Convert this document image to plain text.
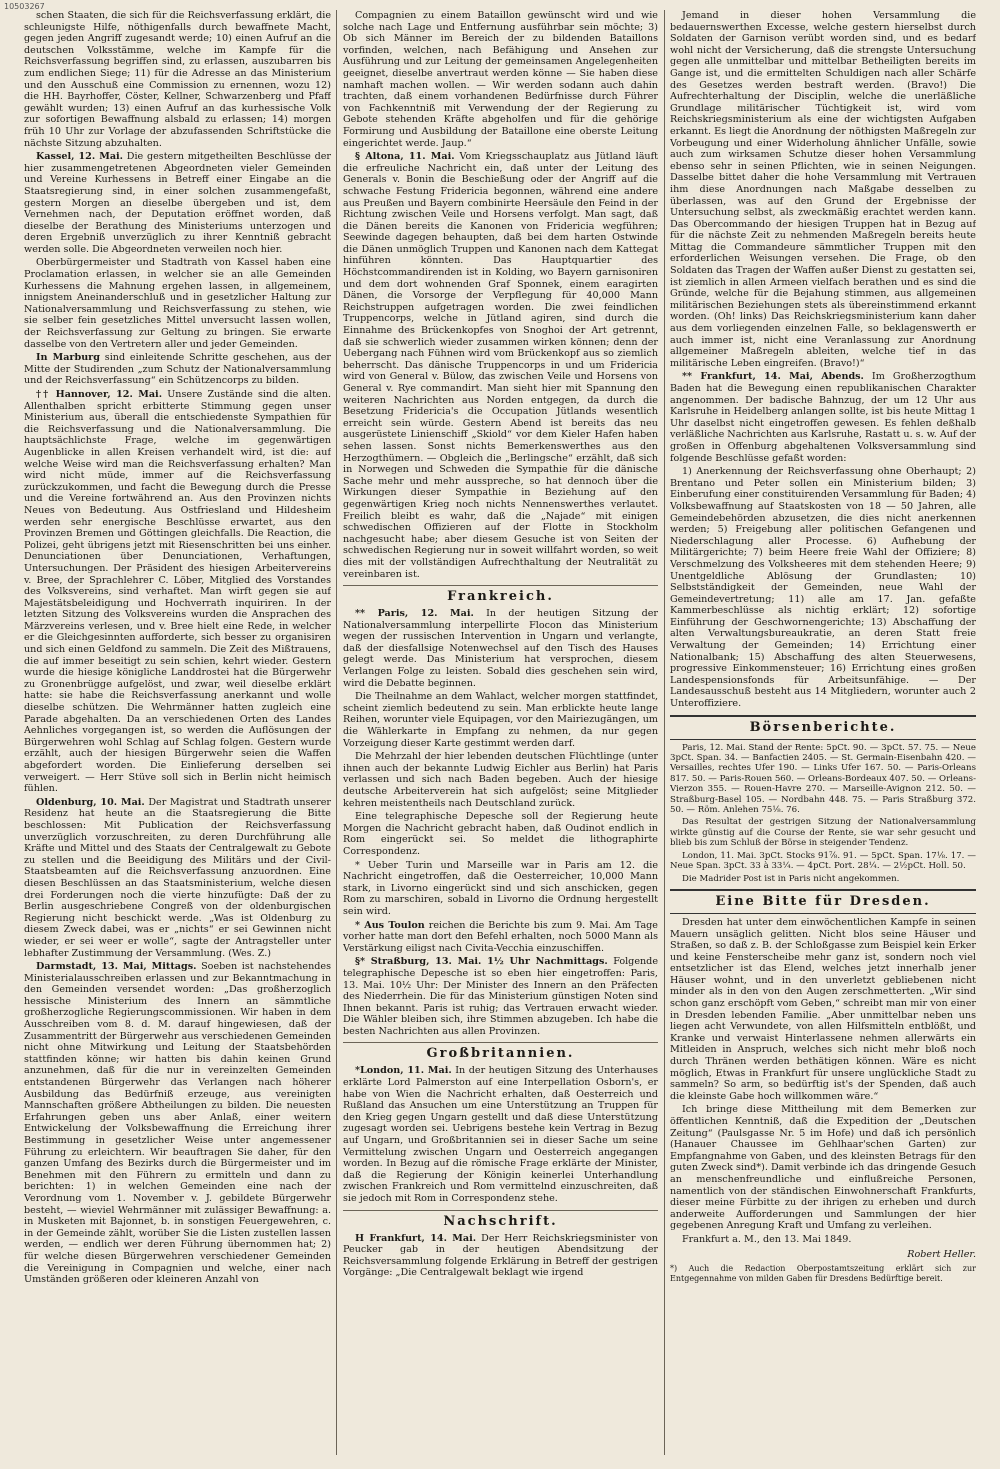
10503267

schen Staaten, die sich für die Reichsverfassung erklärt, die schleunigste Hilfe, nöthigenfalls durch bewaffnete Macht, gegen jeden Angriff zugesandt werde; 10) einen Aufruf an die deutschen Volksstämme, welche im Kampfe für die Reichsverfassung begriffen sind, zu erlassen, auszubarren bis zum endlichen Siege; 11) für die Adresse an das Ministerium und den Ausschuß eine Commission zu ernennen, wozu 12) die HH. Bayrhoffer, Cöster, Kellner, Schwarzenberg und Pfaff gewählt wurden; 13) einen Aufruf an das kurhessische Volk zur sofortigen Bewaffnung alsbald zu erlassen; 14) morgen früh 10 Uhr zur Vorlage der abzufassenden Schriftstücke die nächste Sitzung abzuhalten.

Kassel, 12. Mai. Die gestern mitgetheilten Beschlüsse der hier zusammengetretenen Abgeordneten vieler Gemeinden und Vereine Kurhessens in Betreff einer Eingabe an die Staatsregierung sind, in einer solchen zusammengefaßt, gestern Morgen an dieselbe übergeben und ist, dem Vernehmen nach, der Deputation eröffnet worden, daß dieselbe der Berathung des Ministeriums unterzogen und deren Ergebniß unverzüglich zu ihrer Kenntniß gebracht werden solle. Die Abgeordneten verweilen noch hier.

Oberbürgermeister und Stadtrath von Kassel haben eine Proclamation erlassen, in welcher sie an alle Gemeinden Kurhessens die Mahnung ergehen lassen, in allgemeinem, innigstem Aneinanderschluß und in gesetzlicher Haltung zur Nationalversammlung und Reichsverfassung zu stehen, wie sie selber fein gesetzliches Mittel unversucht lassen wollen, der Reichsverfassung zur Geltung zu bringen. Sie erwarte dasselbe von den Vertretern aller und jeder Gemeinden.

In Marburg sind einleitende Schritte geschehen, aus der Mitte der Studirenden „zum Schutz der Nationalversammlung und der Reichsverfassung“ ein Schützencorps zu bilden.

†† Hannover, 12. Mai. Unsere Zustände sind die alten. Allenthalben spricht erbitterte Stimmung gegen unser Ministerium aus, überall die entschiedenste Sympathien für die Reichsverfassung und die Nationalversammlung. Die hauptsächlichste Frage, welche im gegenwärtigen Augenblicke in allen Kreisen verhandelt wird, ist die: auf welche Weise wird man die Reichsverfassung erhalten? Man wird nicht müde, immer auf die Reichsverfassung zurückzukommen, und facht die Bewegung durch die Presse und die Vereine fortwährend an. Aus den Provinzen nichts Neues von Bedeutung. Aus Ostfriesland und Hildesheim werden sehr energische Beschlüsse erwartet, aus den Provinzen Bremen und Göttingen gleichfalls. Die Reaction, die Polizei, geht übrigens jetzt mit Riesenschritten bei uns einher. Denunciationen über Denunciationen, Verhaftungen, Untersuchungen. Der Präsident des hiesigen Arbeitervereins v. Bree, der Sprachlehrer C. Löber, Mitglied des Vorstandes des Volksvereins, sind verhaftet. Man wirft gegen sie auf Majestätsbeleidigung und Hochverrath inquiriren. In der letzten Sitzung des Volksvereins wurden die Ansprachen des Märzvereins verlesen, und v. Bree hielt eine Rede, in welcher er die Gleichgesinnten aufforderte, sich besser zu organisiren und sich einen Geldfond zu sammeln. Die Zeit des Mißtrauens, die auf immer beseitigt zu sein schien, kehrt wieder. Gestern wurde die hiesige königliche Landdrostei hat die Bürgerwehr zu Gronenbrügge aufgelöst, und zwar, weil dieselbe erklärt hatte: sie habe die Reichsverfassung anerkannt und wolle dieselbe schützen. Die Wehrmänner hatten zugleich eine Parade abgehalten. Da an verschiedenen Orten des Landes Aehnliches vorgegangen ist, so werden die Auflösungen der Bürgerwehren wohl Schlag auf Schlag folgen. Gestern wurde erzählt, auch der hiesigen Bürgerwehr seien die Waffen abgefordert worden. Die Einlieferung derselben sei verweigert. — Herr Stüve soll sich in Berlin nicht heimisch fühlen.

Oldenburg, 10. Mai. Der Magistrat und Stadtrath unserer Residenz hat heute an die Staatsregierung die Bitte beschlossen: Mit Publication der Reichsverfassung unverzüglich vorzuschreiten, zu deren Durchführung alle Kräfte und Mittel und des Staats der Centralgewalt zu Gebote zu stellen und die Beeidigung des Militärs und der Civil-Staatsbeamten auf die Reichsverfassung anzuordnen. Eine diesen Beschlüssen an das Staatsministerium, welche diesen drei Forderungen noch die vierte hinzufügte: Daß der zu Berlin ausgeschriebene Congreß von der oldenburgischen Regierung nicht beschickt werde. „Was ist Oldenburg zu diesem Zweck dabei, was er „nichts“ er sei Gewinnen nicht wieder, er sei weer er wolle“, sagte der Antragsteller unter lebhafter Zustimmung der Versammlung. (Wes. Z.)

Darmstadt, 13. Mai, Mittags. Soeben ist nachstehendes Ministerialausschreiben erlassen und zur Bekanntmachung in den Gemeinden versendet worden: „Das großherzoglich hessische Ministerium des Innern an sämmtliche großherzogliche Regierungscommissionen. Wir haben in dem Ausschreiben vom 8. d. M. darauf hingewiesen, daß der Zusammentritt der Bürgerwehr aus verschiedenen Gemeinden nicht ohne Mitwirkung und Leitung der Staatsbehörden stattfinden könne; wir hatten bis dahin keinen Grund anzunehmen, daß für die nur in vereinzelten Gemeinden entstandenen Bürgerwehr das Verlangen nach höherer Ausbildung das Bedürfniß erzeuge, aus vereinigten Mannschaften größere Abtheilungen zu bilden. Die neuesten Erfahrungen geben uns aber Anlaß, einer weitern Entwickelung der Volksbewaffnung die Erreichung ihrer Bestimmung in gesetzlicher Weise unter angemessener Führung zu erleichtern. Wir beauftragen Sie daher, für den ganzen Umfang des Bezirks durch die Bürgermeister und im Benehmen mit den Führern zu ermitteln und dann zu berichten: 1) in welchen Gemeinden eine nach der Verordnung vom 1. November v. J. gebildete Bürgerwehr besteht, — wieviel Wehrmänner mit zulässiger Bewaffnung: a. in Musketen mit Bajonnet, b. in sonstigen Feuergewehren, c. in der Gemeinde zählt, worüber Sie die Listen zustellen lassen werden, — endlich wer deren Führung übernommen hat; 2) für welche diesen Bürgerwehren verschiedener Gemeinden die Vereinigung in Compagnien und welche, einer nach Umständen größeren oder kleineren Anzahl von

Compagnien zu einem Bataillon gewünscht wird und wie solche nach Lage und Entfernung ausführbar sein möchte; 3) Ob sich Männer im Bereich der zu bildenden Bataillons vorfinden, welchen, nach Befähigung und Ansehen zur Ausführung und zur Leitung der gemeinsamen Angelegenheiten geeignet, dieselbe anvertraut werden könne — Sie haben diese namhaft machen wollen. — Wir werden sodann auch dahin trachten, daß einem vorhandenen Bedürfnisse durch Führer von Fachkenntniß mit Verwendung der der Regierung zu Gebote stehenden Kräfte abgeholfen und für die gehörige Formirung und Ausbildung der Bataillone eine oberste Leitung eingerichtet werde. Jaup.“

§ Altona, 11. Mai. Vom Kriegsschauplatz aus Jütland läuft die erfreuliche Nachricht ein, daß unter der Leitung des Generals v. Bonin die Beschießung oder der Angriff auf die schwache Festung Fridericia begonnen, während eine andere aus Preußen und Bayern combinirte Heersäule den Feind in der Richtung zwischen Veile und Horsens verfolgt. Man sagt, daß die Dänen bereits die Kanonen von Fridericia wegführen; Seewinde dagegen behaupten, daß bei dem harten Ostwinde die Dänen unmöglich Truppen und Kanonen nach dem Kattegat hinführen könnten. Das Hauptquartier des Höchstcommandirenden ist in Kolding, wo Bayern garnisoniren und dem dort wohnenden Graf Sponnek, einem earagirten Dänen, die Vorsorge der Verpflegung für 40,000 Mann Reichstruppen aufgetragen worden. Die zwei feindlichen Truppencorps, welche in Jütland agiren, sind durch die Einnahme des Brückenkopfes von Snoghoi der Art getrennt, daß sie schwerlich wieder zusammen wirken können; denn der Uebergang nach Fühnen wird vom Brückenkopf aus so ziemlich beherrscht. Das dänische Truppencorps in und um Fridericia wird von General v. Bülow, das zwischen Veile und Horsens von General v. Rye commandirt. Man sieht hier mit Spannung den weiteren Nachrichten aus Norden entgegen, da durch die Besetzung Fridericia's die Occupation Jütlands wesentlich erreicht sein würde. Gestern Abend ist bereits das neu ausgerüstete Linienschiff „Skiold“ vor dem Kieler Hafen haben sehen lassen. Sonst nichts Bemerkenswerthes aus den Herzogthümern. — Obgleich die „Berlingsche“ erzählt, daß sich in Norwegen und Schweden die Sympathie für die dänische Sache mehr und mehr ausspreche, so hat dennoch über die Wirkungen dieser Sympathie in Beziehung auf den gegenwärtigen Krieg noch nichts Nennenswerthes verlautet. Freilich bleibt es wahr, daß die „Najade“ mit einigen schwedischen Offizieren auf der Flotte in Stockholm nachgesucht habe; aber diesem Gesuche ist von Seiten der schwedischen Regierung nur in soweit willfahrt worden, so weit dies mit der vollständigen Aufrechthaltung der Neutralität zu vereinbaren ist.

Frankreich.

** Paris, 12. Mai. In der heutigen Sitzung der Nationalversammlung interpellirte Flocon das Ministerium wegen der russischen Intervention in Ungarn und verlangte, daß der diesfallsige Notenwechsel auf den Tisch des Hauses gelegt werde. Das Ministerium hat versprochen, diesem Verlangen Folge zu leisten. Sobald dies geschehen sein wird, wird die Debatte beginnen.

Die Theilnahme an dem Wahlact, welcher morgen stattfindet, scheint ziemlich bedeutend zu sein. Man erblickte heute lange Reihen, worunter viele Equipagen, vor den Mairiezugängen, um die Wählerkarte in Empfang zu nehmen, da nur gegen Vorzeigung dieser Karte gestimmt werden darf.

Die Mehrzahl der hier lebenden deutschen Flüchtlinge (unter ihnen auch der bekannte Ludwig Eichler aus Berlin) hat Paris verlassen und sich nach Baden begeben. Auch der hiesige deutsche Arbeiterverein hat sich aufgelöst; seine Mitglieder kehren meistentheils nach Deutschland zurück.

Eine telegraphische Depesche soll der Regierung heute Morgen die Nachricht gebracht haben, daß Oudinot endlich in Rom eingerückt sei. So meldet die lithographirte Correspondenz.

* Ueber Turin und Marseille war in Paris am 12. die Nachricht eingetroffen, daß die Oesterreicher, 10,000 Mann stark, in Livorno eingerückt sind und sich anschicken, gegen Rom zu marschiren, sobald in Livorno die Ordnung hergestellt sein wird.

* Aus Toulon reichen die Berichte bis zum 9. Mai. Am Tage vorher hatte man dort den Befehl erhalten, noch 5000 Mann als Verstärkung eiligst nach Civita-Vecchia einzuschiffen.

§* Straßburg, 13. Mai. 1½ Uhr Nachmittags. Folgende telegraphische Depesche ist so eben hier eingetroffen: Paris, 13. Mai. 10½ Uhr: Der Minister des Innern an den Präfecten des Niederrhein. Die für das Ministerium günstigen Noten sind Ihnen bekannt. Paris ist ruhig; das Vertrauen erwacht wieder. Die Wähler bleiben sich, ihre Stimmen abzugeben. Ich habe die besten Nachrichten aus allen Provinzen.

Großbritannien.

*London, 11. Mai. In der heutigen Sitzung des Unterhauses erklärte Lord Palmerston auf eine Interpellation Osborn's, er habe von Wien die Nachricht erhalten, daß Oesterreich und Rußland das Ansuchen um eine Unterstützung an Truppen für den Krieg gegen Ungarn gestellt und daß diese Unterstützung zugesagt worden sei. Uebrigens bestehe kein Vertrag in Bezug auf Ungarn, und Großbritannien sei in dieser Sache um seine Vermittelung zwischen Ungarn und Oesterreich angegangen worden. In Bezug auf die römische Frage erklärte der Minister, daß die Regierung der Königin keinerlei Unterhandlung zwischen Frankreich und Rom vermittelnd einzuschreiten, daß sie jedoch mit Rom in Correspondenz stehe.

Nachschrift.

H Frankfurt, 14. Mai. Der Herr Reichskriegsminister von Peucker gab in der heutigen Abendsitzung der Reichsversammlung folgende Erklärung in Betreff der gestrigen Vorgänge: „Die Centralgewalt beklagt wie irgend

Jemand in dieser hohen Versammlung die bedauernswerthen Excesse, welche gestern hierselbst durch Soldaten der Garnison verübt worden sind, und es bedarf wohl nicht der Versicherung, daß die strengste Untersuchung gegen alle unmittelbar und mittelbar Betheiligten bereits im Gange ist, und die ermittelten Schuldigen nach aller Schärfe des Gesetzes werden bestraft werden. (Bravo!) Die Aufrechterhaltung der Disciplin, welche die unerläßliche Grundlage militärischer Tüchtigkeit ist, wird vom Reichskriegsministerium als eine der wichtigsten Aufgaben erkannt. Es liegt die Anordnung der nöthigsten Maßregeln zur Vorbeugung und einer Widerholung ähnlicher Unfälle, sowie auch zum wirksamen Schutze dieser hohen Versammlung ebenso sehr in seinen Pflichten, wie in seinen Neigungen. Dasselbe bittet daher die hohe Versammlung mit Vertrauen ihm diese Anordnungen nach Maßgabe desselben zu überlassen, was auf den Grund der Ergebnisse der Untersuchung selbst, als zweckmäßig erachtet werden kann. Das Obercommando der hiesigen Truppen hat in Bezug auf für die nächste Zeit zu nehmenden Maßregeln bereits heute Mittag die Commandeure sämmtlicher Truppen mit den erforderlichen Weisungen versehen. Die Frage, ob den Soldaten das Tragen der Waffen außer Dienst zu gestatten sei, ist ziemlich in allen Armeen vielfach berathen und es sind die Gründe, welche für die Bejahung stimmen, aus allgemeinen militärischen Beziehungen stets als übereinstimmend erkannt worden. (Oh! links) Das Reichskriegsministerium kann daher aus dem vorliegenden einzelnen Falle, so beklagenswerth er auch immer ist, nicht eine Veranlassung zur Anordnung allgemeiner Maßregeln ableiten, welche tief in das militärische Leben eingreifen. (Bravo!)“

** Frankfurt, 14. Mai, Abends. Im Großherzogthum Baden hat die Bewegung einen republikanischen Charakter angenommen. Der badische Bahnzug, der um 12 Uhr aus Karlsruhe in Heidelberg anlangen sollte, ist bis heute Mittag 1 Uhr daselbst nicht eingetroffen gewesen. Es fehlen deßhalb verläßliche Nachrichten aus Karlsruhe, Rastatt u. s. w. Auf der großen in Offenburg abgehaltenen Volksversammlung sind folgende Beschlüsse gefaßt worden:

1) Anerkennung der Reichsverfassung ohne Oberhaupt; 2) Brentano und Peter sollen ein Ministerium bilden; 3) Einberufung einer constituirenden Versammlung für Baden; 4) Volksbewaffnung auf Staatskosten von 18 — 50 Jahren, alle Gemeindebehörden abzusetzen, die dies nicht anerkennen werden; 5) Freigebung aller politischen Gefangenen und Niederschlagung aller Processe. 6) Aufhebung der Militärgerichte; 7) beim Heere freie Wahl der Offiziere; 8) Verschmelzung des Volksheeres mit dem stehenden Heere; 9) Unentgeldliche Ablösung der Grundlasten; 10) Selbstständigkeit der Gemeinden, neue Wahl der Gemeindevertretung; 11) alle am 17. Jan. gefaßte Kammerbeschlüsse als nichtig erklärt; 12) sofortige Einführung der Geschwornengerichte; 13) Abschaffung der alten Verwaltungsbureaukratie, an deren Statt freie Verwaltung der Gemeinden; 14) Errichtung einer Nationalbank; 15) Abschaffung des alten Steuerwesens, progressive Einkommensteuer; 16) Errichtung eines großen Landespensionsfonds für Arbeitsunfähige. — Der Landesausschuß besteht aus 14 Mitgliedern, worunter auch 2 Unteroffiziere.

Börsenberichte.

Paris, 12. Mai. Stand der Rente: 5pCt. 90. — 3pCt. 57. 75. — Neue 3pCt. Span. 34. — Banfactien 2405. — St. Germain-Eisenbahn 420. — Versailles, rechtes Ufer 190. — Links Ufer 167. 50. — Paris-Orleans 817. 50. — Paris-Rouen 560. — Orleans-Bordeaux 407. 50. — Orleans-Vierzon 355. — Rouen-Havre 270. — Marseille-Avignon 212. 50. — Straßburg-Basel 105. — Nordbahn 448. 75. — Paris Straßburg 372. 50. — Röm. Anlehen 75⅛. 76.

Das Resultat der gestrigen Sitzung der Nationalversammlung wirkte günstig auf die Course der Rente, sie war sehr gesucht und blieb bis zum Schluß der Börse in steigender Tendenz.

London, 11. Mai. 3pCt. Stocks 91⅞. 91. — 5pCt. Span. 17⅛. 17. — Neue Span. 3pCt. 33 à 33¼. — 4pCt. Port. 28¼. — 2½pCt. Holl. 50.

Die Madrider Post ist in Paris nicht angekommen.

Eine Bitte für Dresden.

Dresden hat unter dem einwöchentlichen Kampfe in seinen Mauern unsäglich gelitten. Nicht blos seine Häuser und Straßen, so daß z. B. der Schloßgasse zum Beispiel kein Erker und keine Fensterscheibe mehr ganz ist, sondern noch viel entsetzlicher ist das Elend, welches jetzt innerhalb jener Häuser wohnt, und in den unverletzt gebliebenen nicht minder als in den von den Augen zerschmetterten. „Wir sind schon ganz erschöpft vom Geben,“ schreibt man mir von einer in Dresden lebenden Familie. „Aber unmittelbar neben uns liegen acht Verwundete, von allen Hilfsmitteln entblößt, und Kranke und verwaist Hinterlassene nehmen allerwärts ein Mitleiden in Anspruch, welches sich nicht mehr bloß noch durch Thränen werden bethätigen können. Wäre es nicht möglich, Etwas in Frankfurt für unsere unglückliche Stadt zu sammeln? So arm, so bedürftig ist's der Spenden, daß auch die kleinste Gabe hoch willkommen wäre.“

Ich bringe diese Mittheilung mit dem Bemerken zur öffentlichen Kenntniß, daß die Expedition der „Deutschen Zeitung“ (Paulsgasse Nr. 5 im Hofe) und daß ich persönlich (Hanauer Chaussee im Gehlhaar'schen Garten) zur Empfangnahme von Gaben, und des kleinsten Betrags für den guten Zweck sind*). Damit verbinde ich das dringende Gesuch an menschenfreundliche und einflußreiche Personen, namentlich von der ständischen Einwohnerschaft Frankfurts, dieser meine Fürbitte zu der ihrigen zu erheben und durch anderweite Aufforderungen und Sammlungen der hier gegebenen Anregung Kraft und Umfang zu verleihen.

Frankfurt a. M., den 13. Mai 1849.

Robert Heller.
*) Auch die Redaction Oberpostamtszeitung erklärt sich zur Entgegennahme von milden Gaben für Dresdens Bedürftige bereit.
